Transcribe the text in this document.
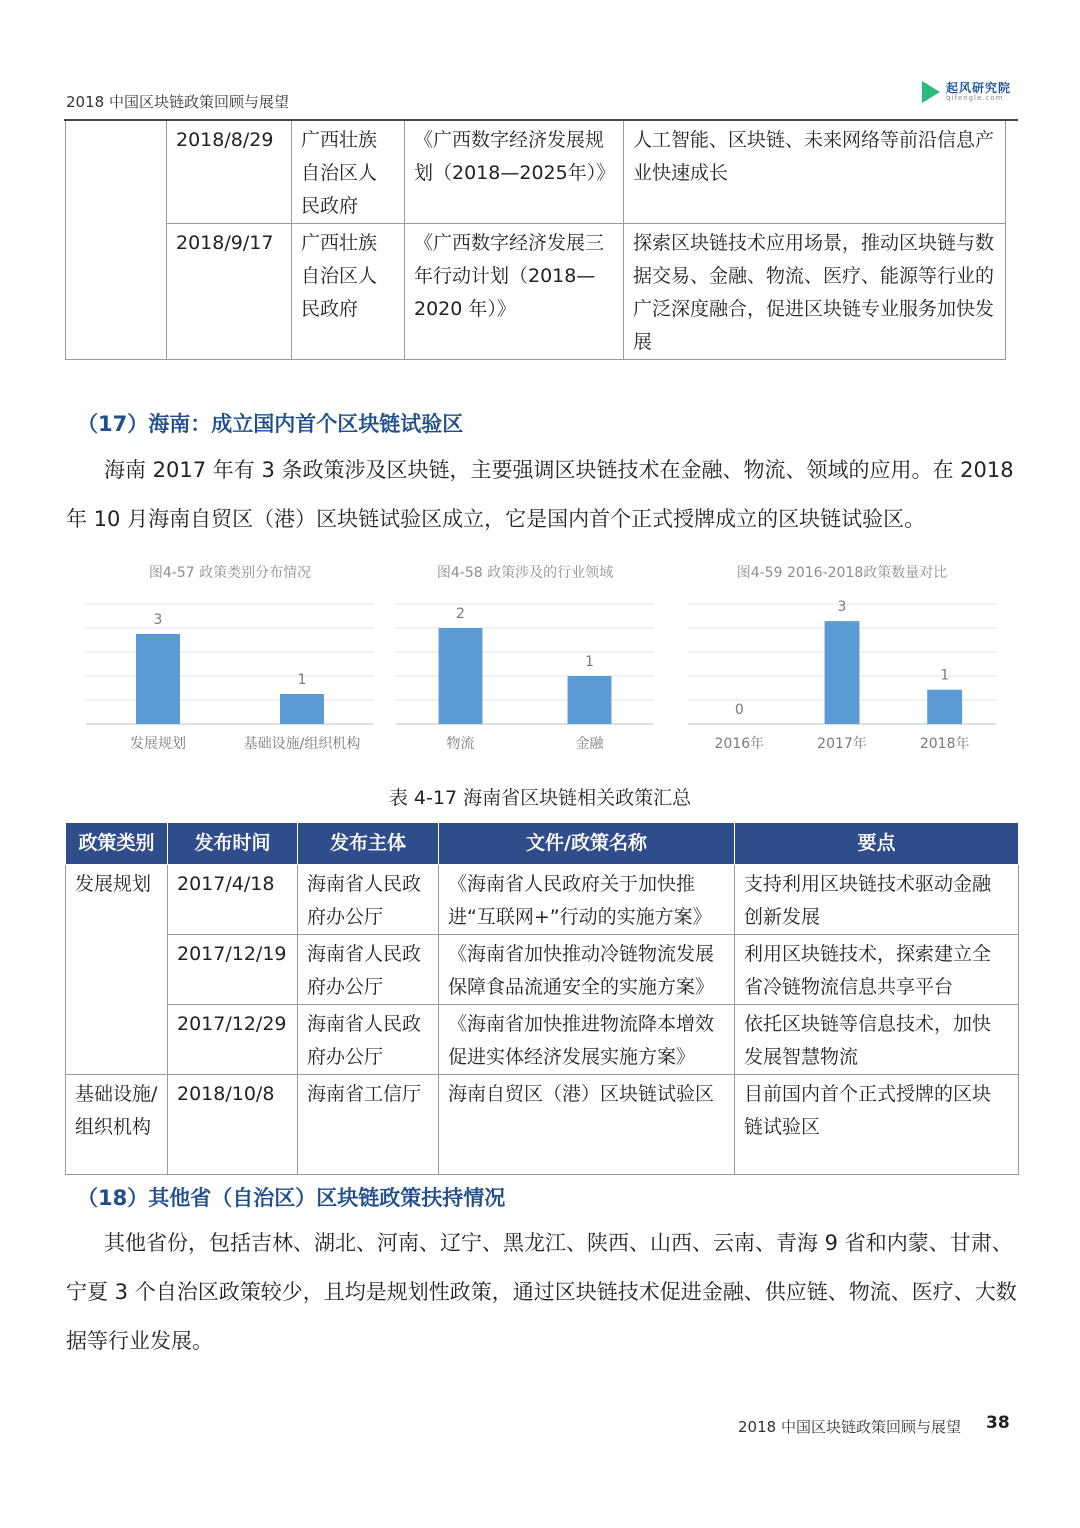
2018 中国区块链政策回顾与展望
起风研究院
qifengle.com
	2018/8/29	广西壮族自治区人民政府	《广西数字经济发展规划（2018—2025年）》	人工智能、区块链、未来网络等前沿信息产业快速成长
	2018/9/17	广西壮族自治区人民政府	《广西数字经济发展三年行动计划（2018—2020 年）》	探索区块链技术应用场景，推动区块链与数据交易、金融、物流、医疗、能源等行业的广泛深度融合，促进区块链专业服务加快发展
（17）海南：成立国内首个区块链试验区
海南 2017 年有 3 条政策涉及区块链，主要强调区块链技术在金融、物流、领域的应用。在 2018 年 10 月海南自贸区（港）区块链试验区成立，它是国内首个正式授牌成立的区块链试验区。
图4-57 政策类别分布情况
3
发展规划
1
基础设施/组织机构
图4-58 政策涉及的行业领域
2
物流
1
金融
图4-59 2016-2018政策数量对比
0
2016年
3
2017年
1
2018年
表 4-17 海南省区块链相关政策汇总
政策类别	发布时间	发布主体	文件/政策名称	要点
发展规划	2017/4/18	海南省人民政府办公厅	《海南省人民政府关于加快推进“互联网+”行动的实施方案》	支持利用区块链技术驱动金融创新发展
	2017/12/19	海南省人民政府办公厅	《海南省加快推动冷链物流发展保障食品流通安全的实施方案》	利用区块链技术，探索建立全省冷链物流信息共享平台
	2017/12/29	海南省人民政府办公厅	《海南省加快推进物流降本增效促进实体经济发展实施方案》	依托区块链等信息技术，加快发展智慧物流
基础设施/组织机构	2018/10/8	海南省工信厅	海南自贸区（港）区块链试验区	目前国内首个正式授牌的区块链试验区
（18）其他省（自治区）区块链政策扶持情况
其他省份，包括吉林、湖北、河南、辽宁、黑龙江、陕西、山西、云南、青海 9 省和内蒙、甘肃、宁夏 3 个自治区政策较少，且均是规划性政策，通过区块链技术促进金融、供应链、物流、医疗、大数据等行业发展。
2018 中国区块链政策回顾与展望 38
